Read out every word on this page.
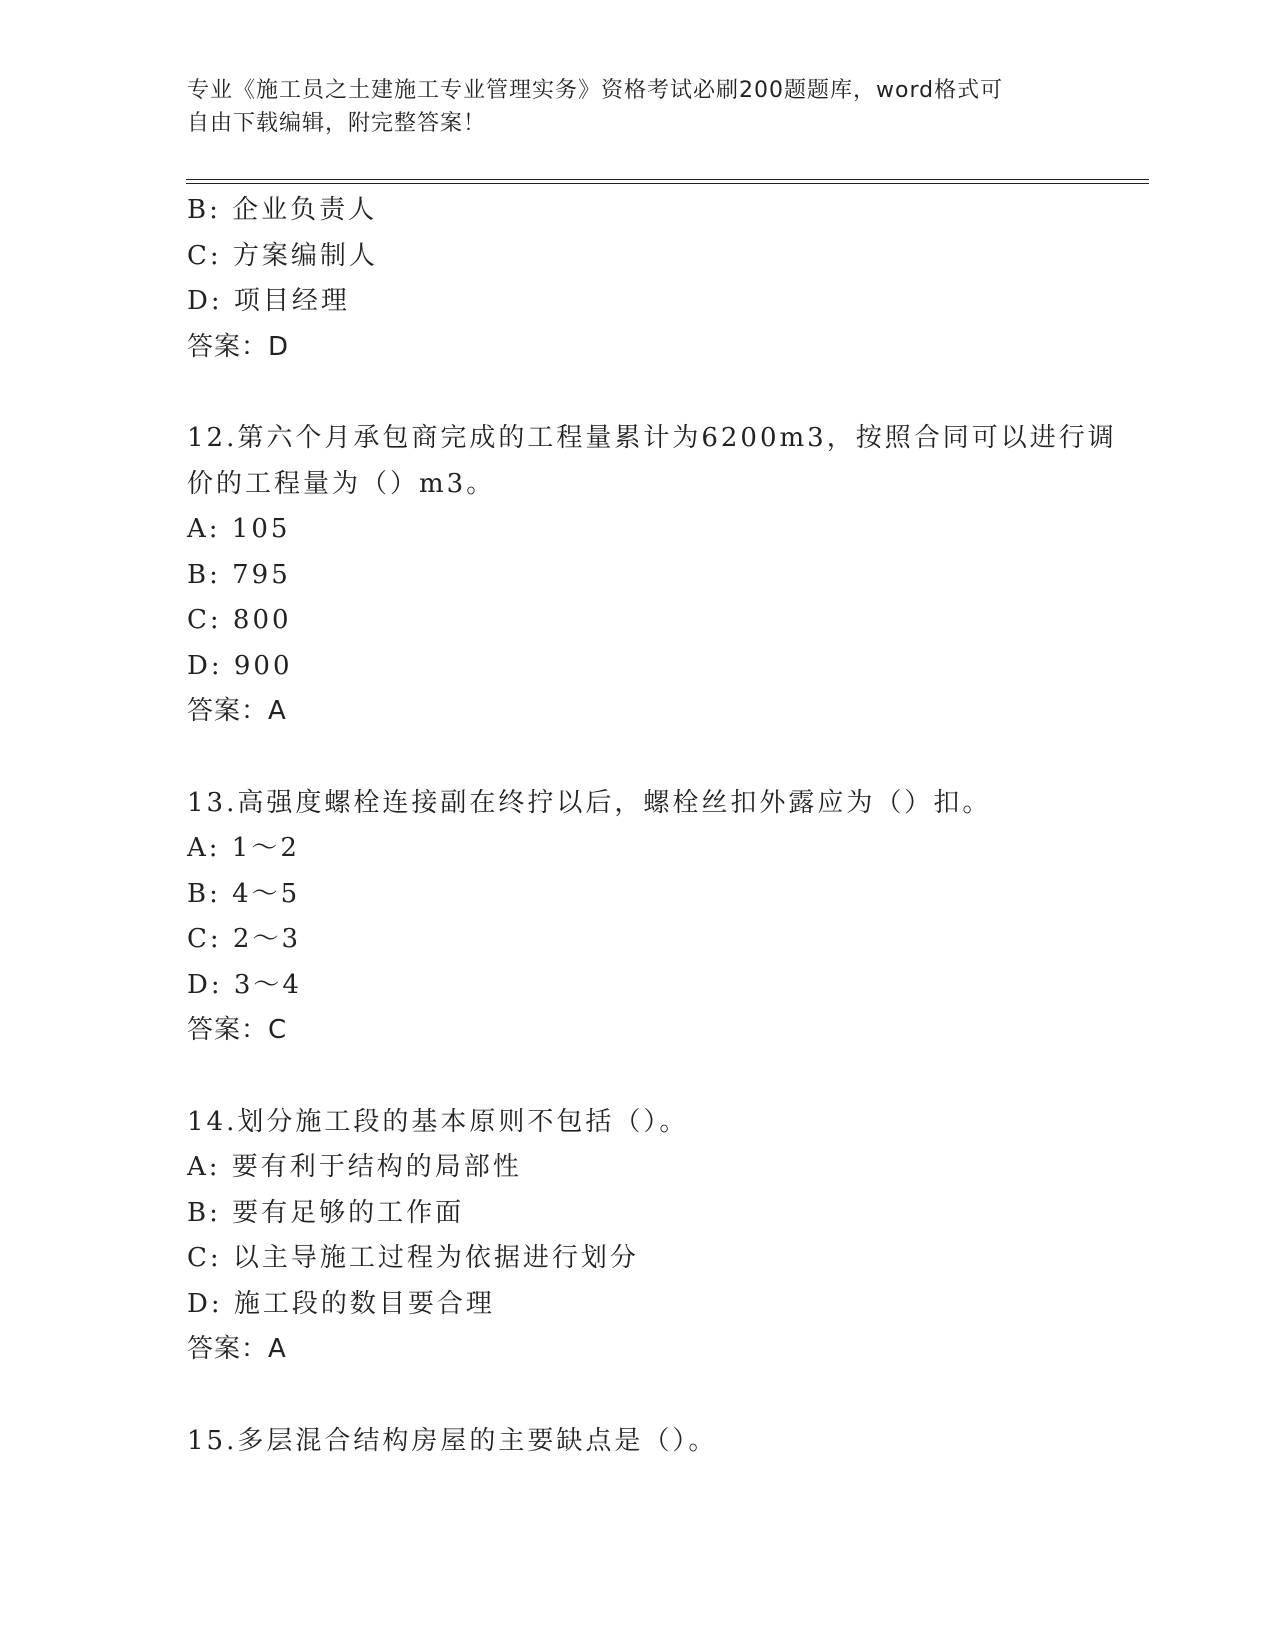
专业《施工员之土建施工专业管理实务》资格考试必刷200题题库，word格式可
自由下载编辑，附完整答案！
B: 企业负责人
C: 方案编制人
D: 项目经理
答案：D
12.第六个月承包商完成的工程量累计为6200m3，按照合同可以进行调
价的工程量为（）m3。
A: 105
B: 795
C: 800
D: 900
答案：A
13.高强度螺栓连接副在终拧以后，螺栓丝扣外露应为（）扣。
A: 1～2
B: 4～5
C: 2～3
D: 3～4
答案：C
14.划分施工段的基本原则不包括（）。
A: 要有利于结构的局部性
B: 要有足够的工作面
C: 以主导施工过程为依据进行划分
D: 施工段的数目要合理
答案：A
15.多层混合结构房屋的主要缺点是（）。
